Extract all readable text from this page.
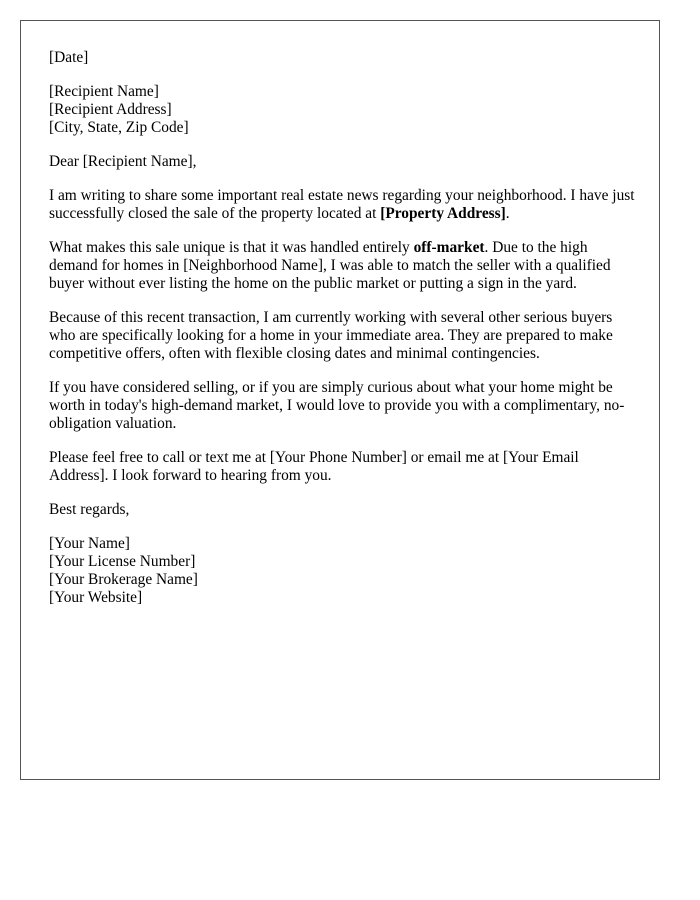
[Date]
[Recipient Name]
[Recipient Address]
[City, State, Zip Code]

Dear [Recipient Name],

I am writing to share some important real estate news regarding your neighborhood. I have just successfully closed the sale of the property located at [Property Address].

What makes this sale unique is that it was handled entirely off-market. Due to the high demand for homes in [Neighborhood Name], I was able to match the seller with a qualified buyer without ever listing the home on the public market or putting a sign in the yard.

Because of this recent transaction, I am currently working with several other serious buyers who are specifically looking for a home in your immediate area. They are prepared to make competitive offers, often with flexible closing dates and minimal contingencies.

If you have considered selling, or if you are simply curious about what your home might be worth in today's high-demand market, I would love to provide you with a complimentary, no-obligation valuation.

Please feel free to call or text me at [Your Phone Number] or email me at [Your Email Address]. I look forward to hearing from you.

Best regards,

[Your Name]
[Your License Number]
[Your Brokerage Name]
[Your Website]
